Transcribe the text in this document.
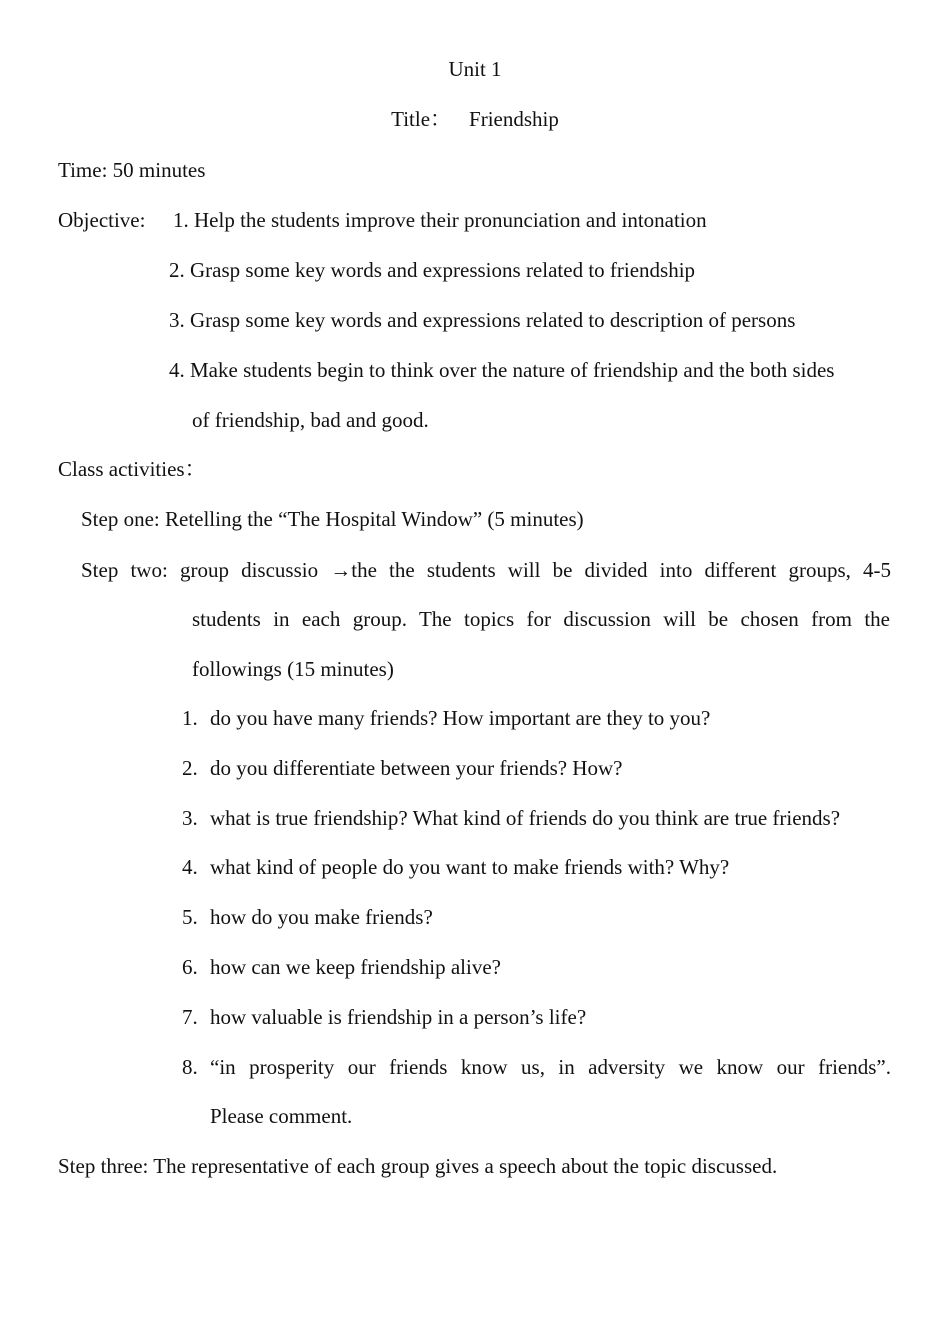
Unit 1
Title： Friendship
Time: 50 minutes
Objective: 1. Help the students improve their pronunciation and intonation
2. Grasp some key words and expressions related to friendship
3. Grasp some key words and expressions related to description of persons
4. Make students begin to think over the nature of friendship and the both sides
of friendship, bad and good.
Class activities：
Step one: Retelling the “The Hospital Window” (5 minutes)
Step two: group discussio →the the students will be divided into different groups, 4-5
students in each group. The topics for discussion will be chosen from the
followings (15 minutes)
1. do you have many friends? How important are they to you?
2. do you differentiate between your friends? How?
3. what is true friendship? What kind of friends do you think are true friends?
4. what kind of people do you want to make friends with? Why?
5. how do you make friends?
6. how can we keep friendship alive?
7. how valuable is friendship in a person’s life?
8. “in prosperity our friends know us, in adversity we know our friends”.
Please comment.
Step three: The representative of each group gives a speech about the topic discussed.
